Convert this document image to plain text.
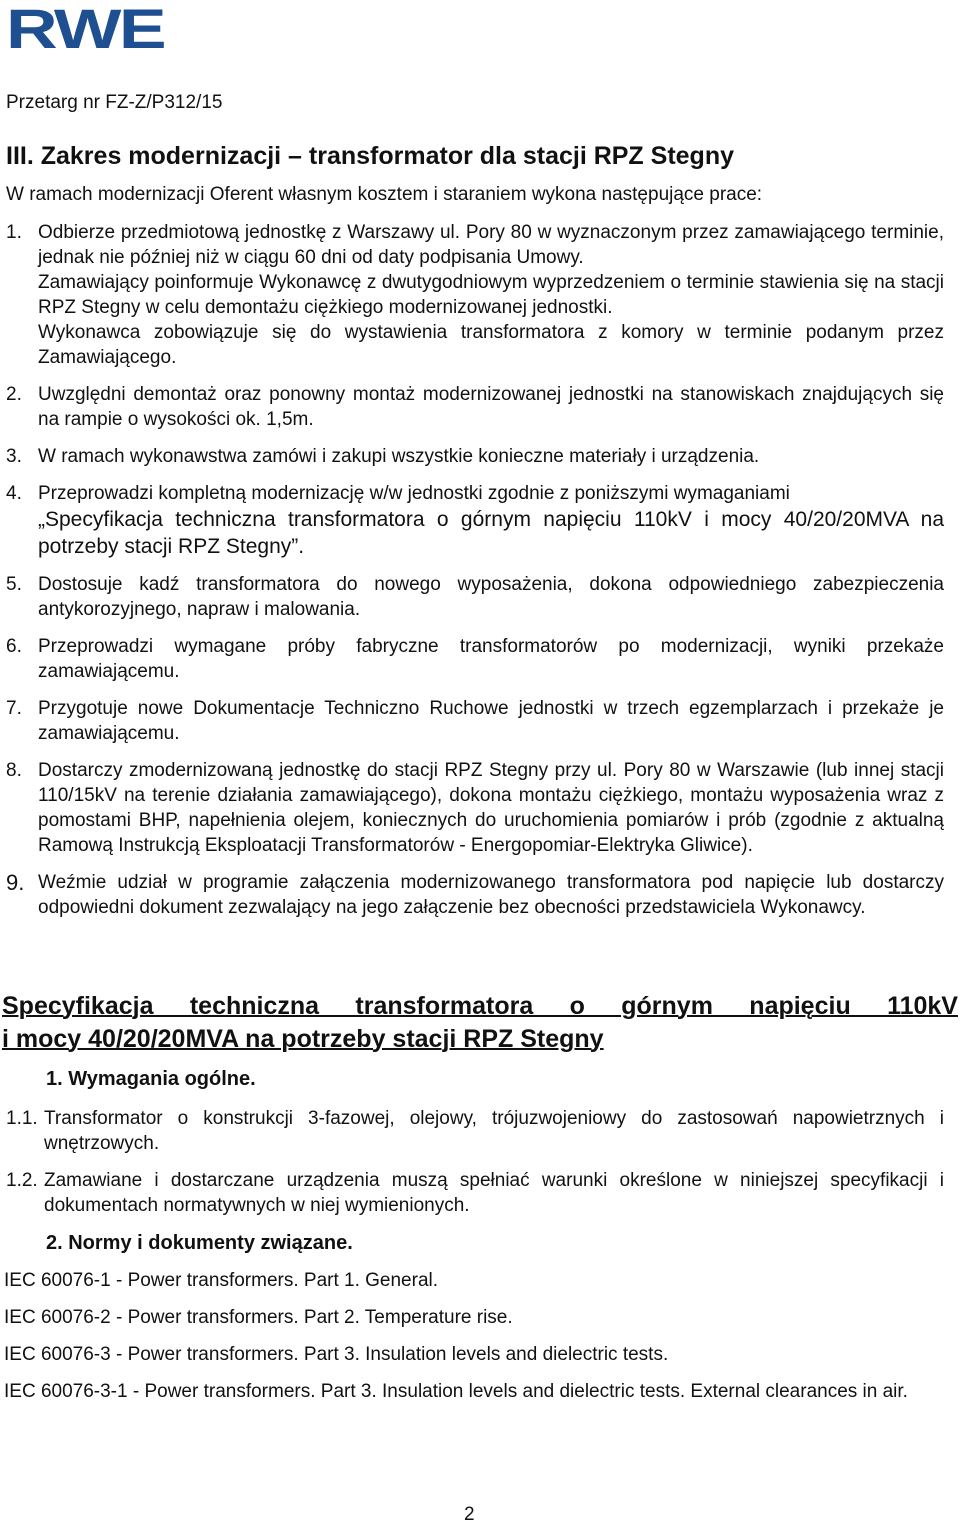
RWE
Przetarg nr FZ-Z/P312/15
III. Zakres modernizacji – transformator dla stacji RPZ Stegny
W ramach modernizacji Oferent własnym kosztem i staraniem wykona następujące prace:
1. Odbierze przedmiotową jednostkę z Warszawy ul. Pory 80 w wyznaczonym przez zamawiającego terminie, jednak nie później niż w ciągu 60 dni od daty podpisania Umowy.

Zamawiający poinformuje Wykonawcę z dwutygodniowym wyprzedzeniem o terminie stawienia się na stacji RPZ Stegny w celu demontażu ciężkiego modernizowanej jednostki.

Wykonawca zobowiązuje się do wystawienia transformatora z komory w terminie podanym przez Zamawiającego.

2. Uwzględni demontaż oraz ponowny montaż modernizowanej jednostki na stanowiskach znajdujących się na rampie o wysokości ok. 1,5m.
3. W ramach wykonawstwa zamówi i zakupi wszystkie konieczne materiały i urządzenia.
4. Przeprowadzi kompletną modernizację w/w jednostki zgodnie z poniższymi wymaganiami

„Specyfikacja techniczna transformatora o górnym napięciu 110kV i mocy 40/20/20MVA na potrzeby stacji RPZ Stegny”.

5. Dostosuje kadź transformatora do nowego wyposażenia, dokona odpowiedniego zabezpieczenia antykorozyjnego, napraw i malowania.
6. Przeprowadzi wymagane próby fabryczne transformatorów po modernizacji, wyniki przekaże zamawiającemu.
7. Przygotuje nowe Dokumentacje Techniczno Ruchowe jednostki w trzech egzemplarzach i przekaże je zamawiającemu.
8. Dostarczy zmodernizowaną jednostkę do stacji RPZ Stegny przy ul. Pory 80 w Warszawie (lub innej stacji 110/15kV na terenie działania zamawiającego), dokona montażu ciężkiego, montażu wyposażenia wraz z pomostami BHP, napełnienia olejem, koniecznych do uruchomienia pomiarów i prób (zgodnie z aktualną Ramową Instrukcją Eksploatacji Transformatorów - Energopomiar-Elektryka Gliwice).
9. Weźmie udział w programie załączenia modernizowanego transformatora pod napięcie lub dostarczy odpowiedni dokument zezwalający na jego załączenie bez obecności przedstawiciela Wykonawcy.
Specyfikacja techniczna transformatora o górnym napięciu 110kV
i mocy 40/20/20MVA na potrzeby stacji RPZ Stegny
1. Wymagania ogólne.
1.1. Transformator o konstrukcji 3-fazowej, olejowy, trójuzwojeniowy do zastosowań napowietrznych i wnętrzowych.
1.2. Zamawiane i dostarczane urządzenia muszą spełniać warunki określone w niniejszej specyfikacji i dokumentach normatywnych w niej wymienionych.
2. Normy i dokumenty związane.
IEC 60076-1 - Power transformers. Part 1. General.
IEC 60076-2 - Power transformers. Part 2. Temperature rise.
IEC 60076-3 - Power transformers. Part 3. Insulation levels and dielectric tests.
IEC 60076-3-1 - Power transformers. Part 3. Insulation levels and dielectric tests. External clearances in air.
2
